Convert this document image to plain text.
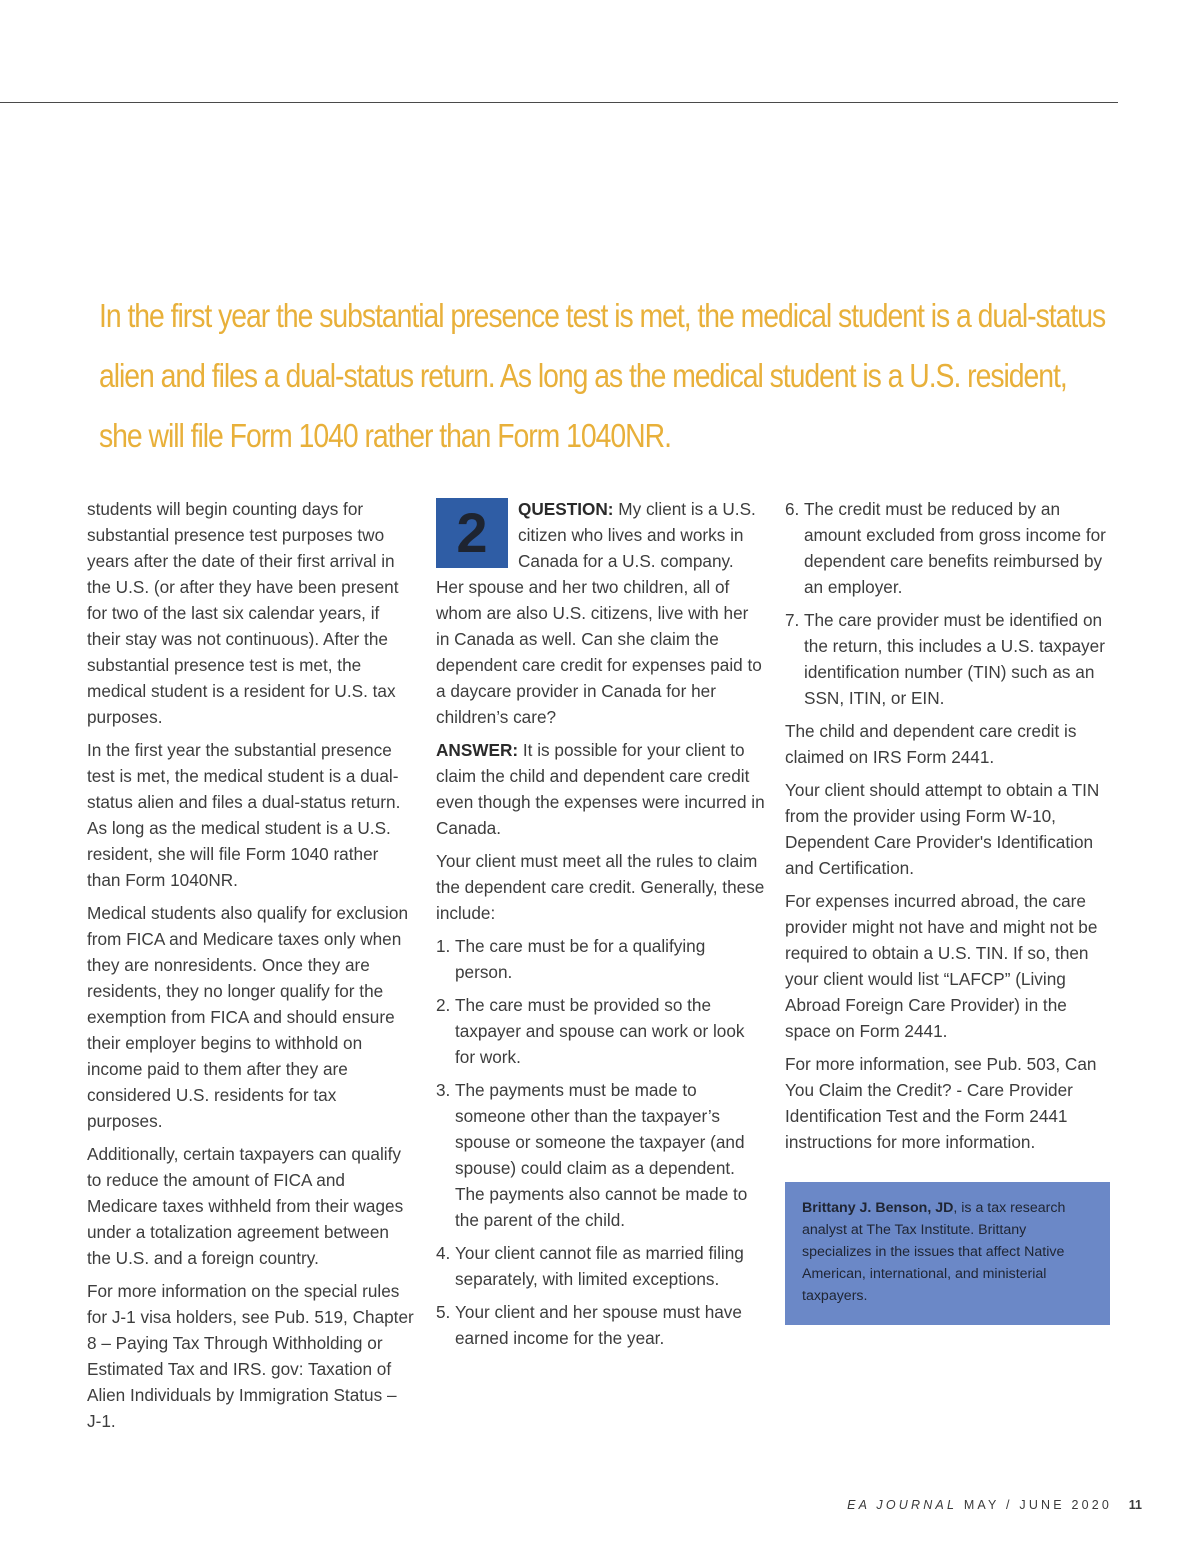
In the first year the substantial presence test is met, the medical student is a dual-status alien and files a dual-status return. As long as the medical student is a U.S. resident, she will file Form 1040 rather than Form 1040NR.

students will begin counting days for substantial presence test purposes two years after the date of their first arrival in the U.S. (or after they have been present for two of the last six calendar years, if their stay was not continuous). After the substantial presence test is met, the medical student is a resident for U.S. tax purposes.

In the first year the substantial presence test is met, the medical student is a dual-status alien and files a dual-status return. As long as the medical student is a U.S. resident, she will file Form 1040 rather than Form 1040NR.

Medical students also qualify for exclusion from FICA and Medicare taxes only when they are nonresidents. Once they are residents, they no longer qualify for the exemption from FICA and should ensure their employer begins to withhold on income paid to them after they are considered U.S. residents for tax purposes.

Additionally, certain taxpayers can qualify to reduce the amount of FICA and Medicare taxes withheld from their wages under a totalization agreement between the U.S. and a foreign country.

For more information on the special rules for J-1 visa holders, see Pub. 519, Chapter 8 – Paying Tax Through Withholding or Estimated Tax and IRS. gov: Taxation of Alien Individuals by Immigration Status – J-1.

2 QUESTION: My client is a U.S. citizen who lives and works in Canada for a U.S. company. Her spouse and her two children, all of whom are also U.S. citizens, live with her in Canada as well. Can she claim the dependent care credit for expenses paid to a daycare provider in Canada for her children’s care?

ANSWER: It is possible for your client to claim the child and dependent care credit even though the expenses were incurred in Canada.

Your client must meet all the rules to claim the dependent care credit. Generally, these include:

1. The care must be for a qualifying person.
2. The care must be provided so the taxpayer and spouse can work or look for work.
3. The payments must be made to someone other than the taxpayer’s spouse or someone the taxpayer (and spouse) could claim as a dependent. The payments also cannot be made to the parent of the child.
4. Your client cannot file as married filing separately, with limited exceptions.
5. Your client and her spouse must have earned income for the year.
6. The credit must be reduced by an amount excluded from gross income for dependent care benefits reimbursed by an employer.
7. The care provider must be identified on the return, this includes a U.S. taxpayer identification number (TIN) such as an SSN, ITIN, or EIN.

The child and dependent care credit is claimed on IRS Form 2441.

Your client should attempt to obtain a TIN from the provider using Form W-10, Dependent Care Provider's Identification and Certification.

For expenses incurred abroad, the care provider might not have and might not be required to obtain a U.S. TIN. If so, then your client would list “LAFCP” (Living Abroad Foreign Care Provider) in the space on Form 2441.

For more information, see Pub. 503, Can You Claim the Credit? - Care Provider Identification Test and the Form 2441 instructions for more information.

Brittany J. Benson, JD, is a tax research analyst at The Tax Institute. Brittany specializes in the issues that affect Native American, international, and ministerial taxpayers.
EA JOURNAL MAY / JUNE 2020 11
